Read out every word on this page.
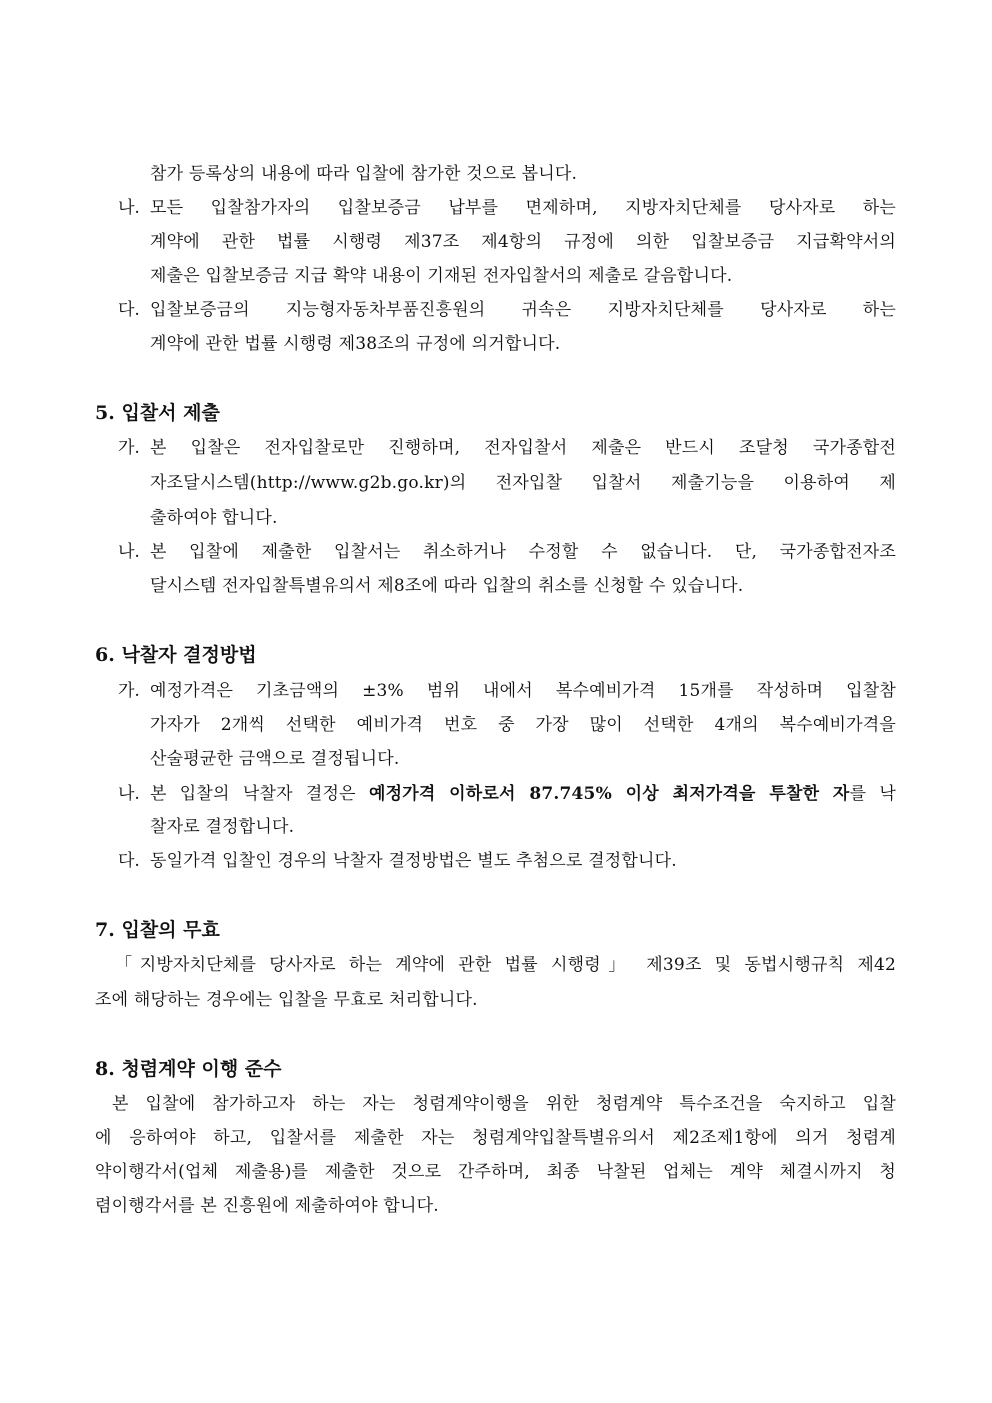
참가 등록상의 내용에 따라 입찰에 참가한 것으로 봅니다.
나. 모든 입찰참가자의 입찰보증금 납부를 면제하며, 지방자치단체를 당사자로 하는
계약에 관한 법률 시행령 제37조 제4항의 규정에 의한 입찰보증금 지급확약서의
제출은 입찰보증금 지급 확약 내용이 기재된 전자입찰서의 제출로 갈음합니다.
다. 입찰보증금의 지능형자동차부품진흥원의 귀속은 지방자치단체를 당사자로 하는
계약에 관한 법률 시행령 제38조의 규정에 의거합니다.
5. 입찰서 제출
가. 본 입찰은 전자입찰로만 진행하며, 전자입찰서 제출은 반드시 조달청 국가종합전
자조달시스템(http://www.g2b.go.kr)의 전자입찰 입찰서 제출기능을 이용하여 제
출하여야 합니다.
나. 본 입찰에 제출한 입찰서는 취소하거나 수정할 수 없습니다. 단, 국가종합전자조
달시스템 전자입찰특별유의서 제8조에 따라 입찰의 취소를 신청할 수 있습니다.
6. 낙찰자 결정방법
가. 예정가격은 기초금액의 ±3% 범위 내에서 복수예비가격 15개를 작성하며 입찰참
가자가 2개씩 선택한 예비가격 번호 중 가장 많이 선택한 4개의 복수예비가격을
산술평균한 금액으로 결정됩니다.
나. 본 입찰의 낙찰자 결정은 예정가격 이하로서 87.745% 이상 최저가격을 투찰한 자를 낙
찰자로 결정합니다.
다. 동일가격 입찰인 경우의 낙찰자 결정방법은 별도 추첨으로 결정합니다.
7. 입찰의 무효
「지방자치단체를 당사자로 하는 계약에 관한 법률 시행령」 제39조 및 동법시행규칙 제42
조에 해당하는 경우에는 입찰을 무효로 처리합니다.
8. 청렴계약 이행 준수
본 입찰에 참가하고자 하는 자는 청렴계약이행을 위한 청렴계약 특수조건을 숙지하고 입찰
에 응하여야 하고, 입찰서를 제출한 자는 청렴계약입찰특별유의서 제2조제1항에 의거 청렴계
약이행각서(업체 제출용)를 제출한 것으로 간주하며, 최종 낙찰된 업체는 계약 체결시까지 청
렴이행각서를 본 진흥원에 제출하여야 합니다.
